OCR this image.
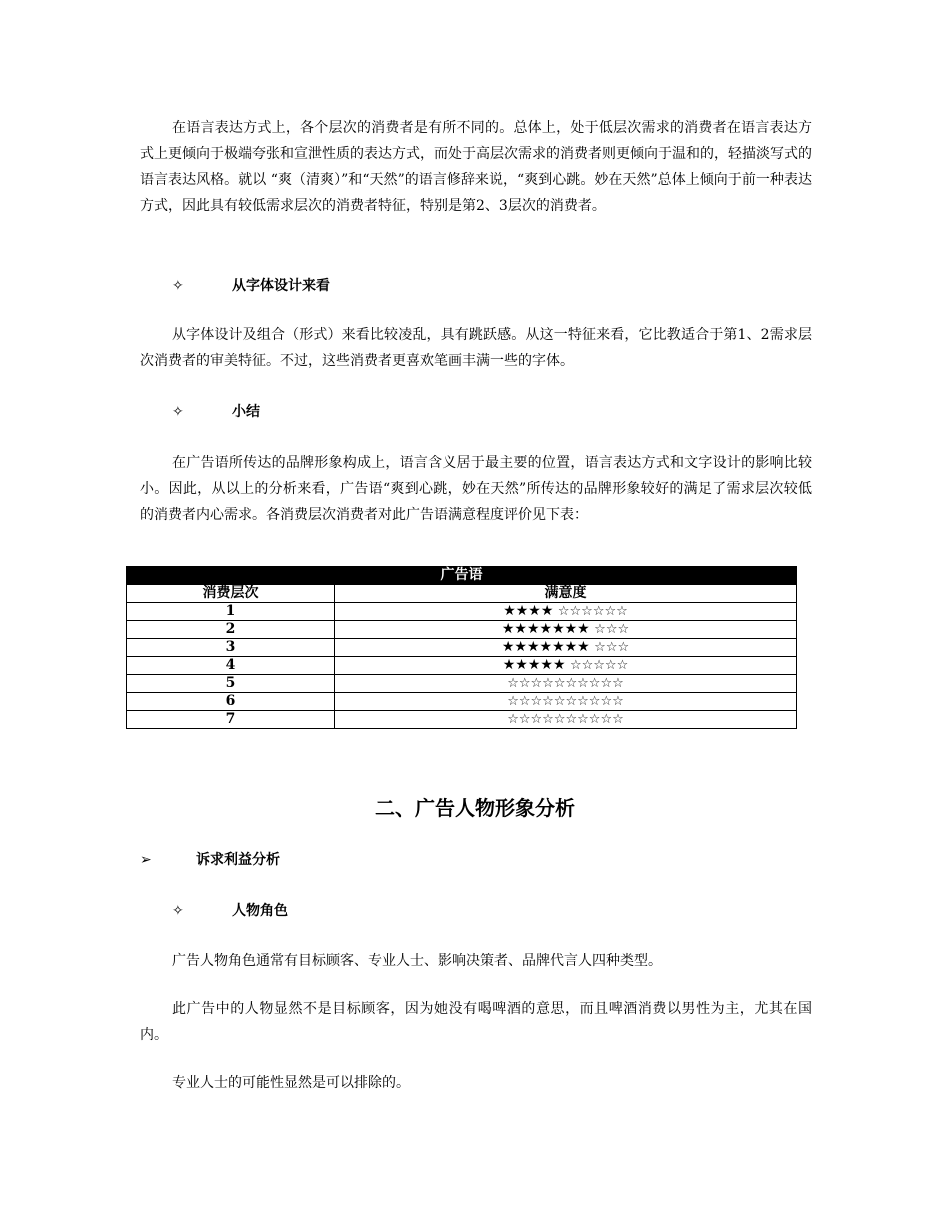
在语言表达方式上，各个层次的消费者是有所不同的。总体上，处于低层次需求的消费者在语言表达方式上更倾向于极端夸张和宣泄性质的表达方式，而处于高层次需求的消费者则更倾向于温和的，轻描淡写式的语言表达风格。就以 “爽（清爽）”和“天然”的语言修辞来说，“爽到心跳。妙在天然”总体上倾向于前一种表达方式，因此具有较低需求层次的消费者特征，特别是第2、3层次的消费者。

✧	从字体设计来看

从字体设计及组合（形式）来看比较凌乱，具有跳跃感。从这一特征来看，它比教适合于第1、2需求层次消费者的审美特征。不过，这些消费者更喜欢笔画丰满一些的字体。

✧	小结

在广告语所传达的品牌形象构成上，语言含义居于最主要的位置，语言表达方式和文字设计的影响比较小。因此，从以上的分析来看，广告语“爽到心跳，妙在天然”所传达的品牌形象较好的满足了需求层次较低的消费者内心需求。各消费层次消费者对此广告语满意程度评价见下表：

广告语	
消费层次	满意度
1	★★★★ ☆☆☆☆☆☆
2	★★★★★★★ ☆☆☆
3	★★★★★★★ ☆☆☆
4	★★★★★ ☆☆☆☆☆
5	☆☆☆☆☆☆☆☆☆☆
6	☆☆☆☆☆☆☆☆☆☆
7	☆☆☆☆☆☆☆☆☆☆
二、广告人物形象分析
➢	诉求利益分析
✧	人物角色

广告人物角色通常有目标顾客、专业人士、影响决策者、品牌代言人四种类型。

此广告中的人物显然不是目标顾客，因为她没有喝啤酒的意思，而且啤酒消费以男性为主，尤其在国内。

专业人士的可能性显然是可以排除的。
